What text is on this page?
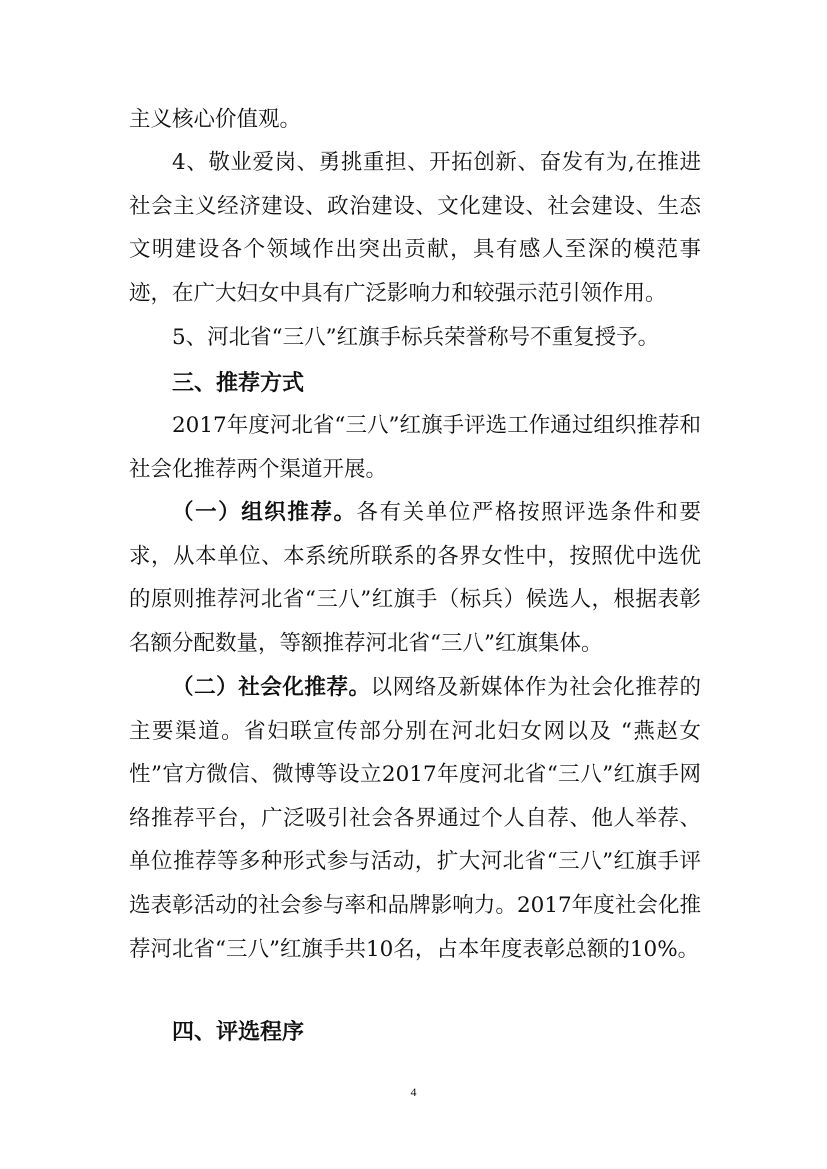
主义核心价值观。

4、敬业爱岗、勇挑重担、开拓创新、奋发有为,在推进社会主义经济建设、政治建设、文化建设、社会建设、生态文明建设各个领域作出突出贡献，具有感人至深的模范事迹，在广大妇女中具有广泛影响力和较强示范引领作用。

5、河北省“三八”红旗手标兵荣誉称号不重复授予。

三、推荐方式

2017年度河北省“三八”红旗手评选工作通过组织推荐和社会化推荐两个渠道开展。

（一）组织推荐。各有关单位严格按照评选条件和要求，从本单位、本系统所联系的各界女性中，按照优中选优的原则推荐河北省“三八”红旗手（标兵）候选人，根据表彰名额分配数量，等额推荐河北省“三八”红旗集体。

（二）社会化推荐。以网络及新媒体作为社会化推荐的主要渠道。省妇联宣传部分别在河北妇女网以及 “燕赵女性”官方微信、微博等设立2017年度河北省“三八”红旗手网络推荐平台，广泛吸引社会各界通过个人自荐、他人举荐、单位推荐等多种形式参与活动，扩大河北省“三八”红旗手评选表彰活动的社会参与率和品牌影响力。2017年度社会化推荐河北省“三八”红旗手共10名，占本年度表彰总额的10%。

四、评选程序

4
